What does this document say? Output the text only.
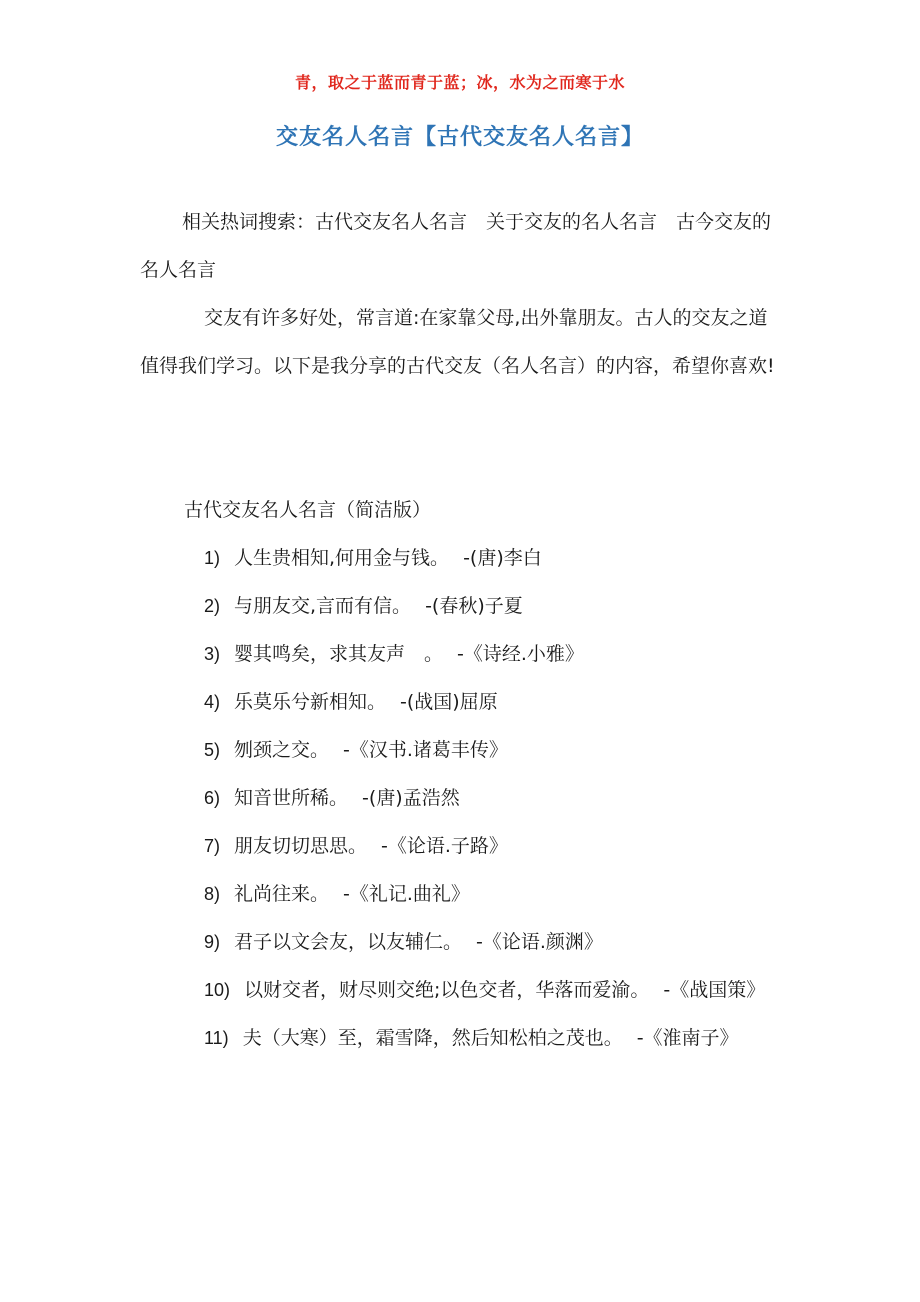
青，取之于蓝而青于蓝；冰，水为之而寒于水
交友名人名言【古代交友名人名言】

相关热词搜索：古代交友名人名言　关于交友的名人名言　古今交友的名人名言

交友有许多好处，常言道:在家靠父母,出外靠朋友。古人的交友之道值得我们学习。以下是我分享的古代交友（名人名言）的内容，希望你喜欢!

古代交友名人名言（简洁版）

1) 人生贵相知,何用金与钱。 -(唐)李白
2) 与朋友交,言而有信。 -(春秋)子夏
3) 婴其鸣矣，求其友声　。 -《诗经.小雅》
4) 乐莫乐兮新相知。 -(战国)屈原
5) 刎颈之交。 -《汉书.诸葛丰传》
6) 知音世所稀。 -(唐)孟浩然
7) 朋友切切思思。 -《论语.子路》
8) 礼尚往来。 -《礼记.曲礼》
9) 君子以文会友，以友辅仁。 -《论语.颜渊》
10) 以财交者，财尽则交绝;以色交者，华落而爱渝。 -《战国策》
11) 夫（大寒）至，霜雪降，然后知松柏之茂也。 -《淮南子》
